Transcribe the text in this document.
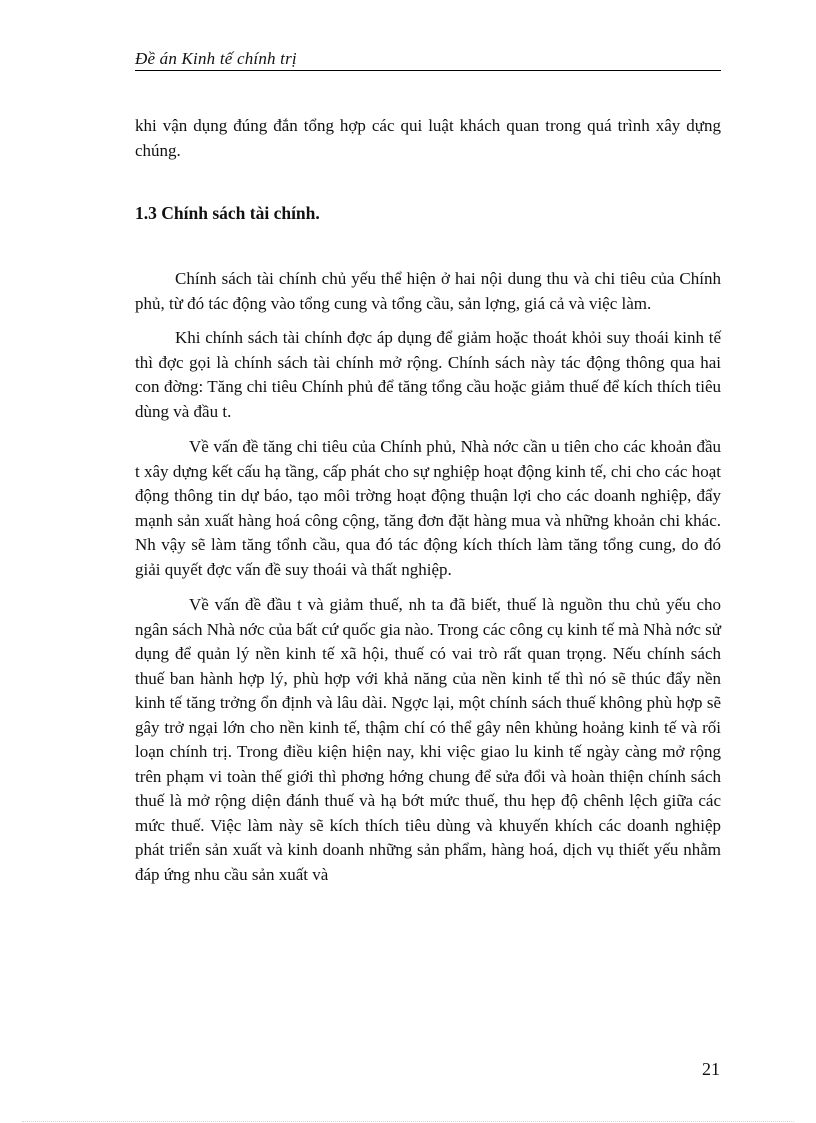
Đề án Kinh tế chính trị

khi vận dụng đúng đắn tổng hợp các qui luật khách quan trong quá trình xây dựng chúng.

1.3 Chính sách tài chính.

Chính sách tài chính chủ yếu thể hiện ở hai nội dung thu và chi tiêu của Chính phủ, từ đó tác động vào tổng cung và tổng cầu, sản lợng, giá cả và việc làm.

Khi chính sách tài chính đợc áp dụng để giảm hoặc thoát khỏi suy thoái kinh tế thì đợc gọi là chính sách tài chính mở rộng. Chính sách này tác động thông qua hai con đờng: Tăng chi tiêu Chính phủ để tăng tổng cầu hoặc giảm thuế để kích thích tiêu dùng và đầu t.

Về vấn đề tăng chi tiêu của Chính phủ, Nhà nớc cần u tiên cho các khoản đầu t xây dựng kết cấu hạ tầng, cấp phát cho sự nghiệp hoạt động kinh tế, chi cho các hoạt động thông tin dự báo, tạo môi trờng hoạt động thuận lợi cho các doanh nghiệp, đẩy mạnh sản xuất hàng hoá công cộng, tăng đơn đặt hàng mua và những khoản chi khác. Nh vậy sẽ làm tăng tổnh cầu, qua đó tác động kích thích làm tăng tổng cung, do đó giải quyết đợc vấn đề suy thoái và thất nghiệp.

Về vấn đề đầu t và giảm thuế, nh ta đã biết, thuế là nguồn thu chủ yếu cho ngân sách Nhà nớc của bất cứ quốc gia nào. Trong các công cụ kinh tế mà Nhà nớc sử dụng để quản lý nền kinh tế xã hội, thuế có vai trò rất quan trọng. Nếu chính sách thuế ban hành hợp lý, phù hợp với khả năng của nền kinh tế thì nó sẽ thúc đẩy nền kinh tế tăng trởng ổn định và lâu dài. Ngợc lại, một chính sách thuế không phù hợp sẽ gây trở ngại lớn cho nền kinh tế, thậm chí có thể gây nên khủng hoảng kinh tế và rối loạn chính trị. Trong điều kiện hiện nay, khi việc giao lu kinh tế ngày càng mở rộng trên phạm vi toàn thế giới thì phơng hớng chung để sửa đổi và hoàn thiện chính sách thuế là mở rộng diện đánh thuế và hạ bớt mức thuế, thu hẹp độ chênh lệch giữa các mức thuế. Việc làm này sẽ kích thích tiêu dùng và khuyến khích các doanh nghiệp phát triển sản xuất và kinh doanh những sản phẩm, hàng hoá, dịch vụ thiết yếu nhằm đáp ứng nhu cầu sản xuất và

21
